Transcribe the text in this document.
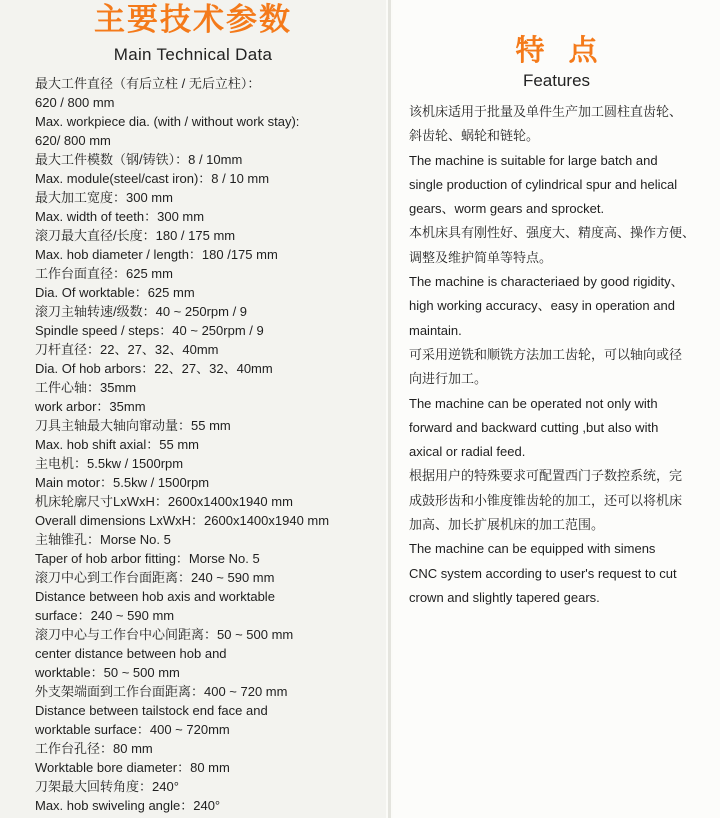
主要技术参数
Main Technical Data
最大工件直径（有后立柱 / 无后立柱）：
620 / 800 mm
Max. workpiece dia. (with / without work stay):
620/ 800 mm
最大工件模数（钢/铸铁）：8 / 10mm
Max. module(steel/cast iron)：8 / 10 mm
最大加工宽度：300 mm
Max. width of teeth：300 mm
滚刀最大直径/长度：180 / 175 mm
Max. hob diameter / length：180 /175 mm
工作台面直径：625 mm
Dia. Of worktable：625 mm
滚刀主轴转速/级数：40 ~ 250rpm / 9
Spindle speed / steps：40 ~ 250rpm / 9
刀杆直径：22、27、32、40mm
Dia. Of hob arbors：22、27、32、40mm
工件心轴：35mm
work arbor：35mm
刀具主轴最大轴向窜动量：55 mm
Max. hob shift axial：55 mm
主电机：5.5kw / 1500rpm
Main motor：5.5kw / 1500rpm
机床轮廓尺寸LxWxH：2600x1400x1940 mm
Overall dimensions LxWxH：2600x1400x1940 mm
主轴锥孔：Morse No. 5
Taper of hob arbor fitting：Morse No. 5
滚刀中心到工作台面距离：240 ~ 590 mm
Distance between hob axis and worktable
surface：240 ~ 590 mm
滚刀中心与工作台中心间距离：50 ~ 500 mm
center distance between hob and
worktable：50 ~ 500 mm
外支架端面到工作台面距离：400 ~ 720 mm
Distance between tailstock end face and
worktable surface：400 ~ 720mm
工作台孔径：80 mm
Worktable bore diameter：80 mm
刀架最大回转角度：240°
Max. hob swiveling angle：240°
特点
Features
该机床适用于批量及单件生产加工圆柱直齿轮、
斜齿轮、蜗轮和链轮。
The machine is suitable for large batch and
single production of cylindrical spur and helical
gears、worm gears and sprocket.
本机床具有刚性好、强度大、精度高、操作方便、
调整及维护简单等特点。
The machine is characteriaed by good rigidity、
high working accuracy、easy in operation and
maintain.
可采用逆铣和顺铣方法加工齿轮，可以轴向或径
向进行加工。
The machine can be operated not only with
forward and backward cutting ,but also with
axical or radial feed.
根据用户的特殊要求可配置西门子数控系统，完
成鼓形齿和小锥度锥齿轮的加工，还可以将机床
加高、加长扩展机床的加工范围。
The machine can be equipped with simens
CNC system according to user's request to cut
crown and slightly tapered gears.
